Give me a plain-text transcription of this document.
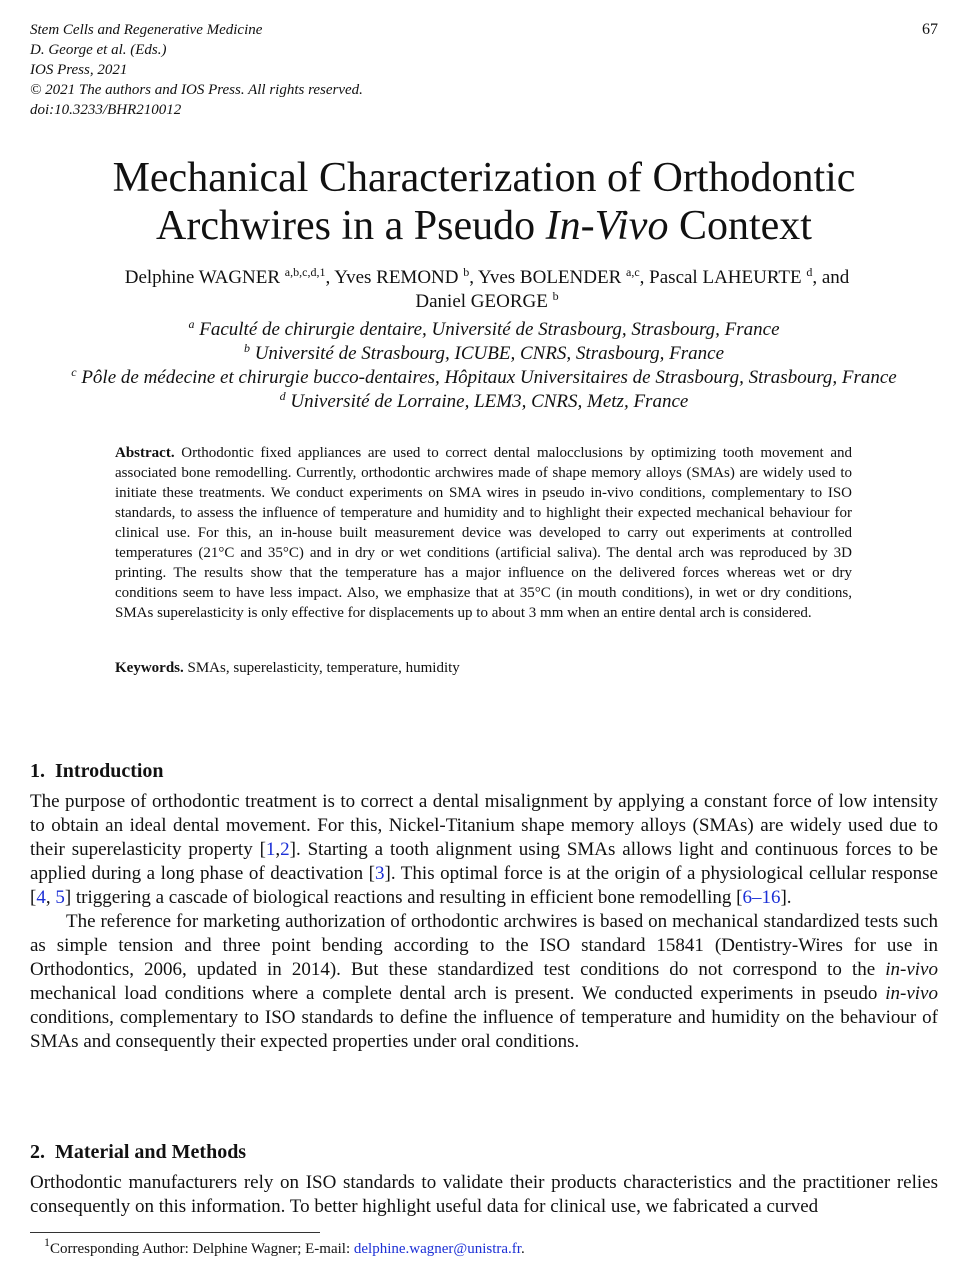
Stem Cells and Regenerative Medicine
D. George et al. (Eds.)
IOS Press, 2021
© 2021 The authors and IOS Press. All rights reserved.
doi:10.3233/BHR210012
67
Mechanical Characterization of Orthodontic
Archwires in a Pseudo In-Vivo Context
Delphine WAGNER $^{a,b,c,d,1}$, Yves REMOND $^b$, Yves BOLENDER $^{a,c}$, Pascal LAHEURTE $^d$, and
Daniel GEORGE $^b$
$^a$ Faculté de chirurgie dentaire, Université de Strasbourg, Strasbourg, France
$^b$ Université de Strasbourg, ICUBE, CNRS, Strasbourg, France
$^c$ Pôle de médecine et chirurgie bucco-dentaires, Hôpitaux Universitaires de Strasbourg, Strasbourg, France
$^d$ Université de Lorraine, LEM3, CNRS, Metz, France
Abstract. Orthodontic fixed appliances are used to correct dental malocclusions by optimizing tooth movement and associated bone remodelling. Currently, orthodontic archwires made of shape memory alloys (SMAs) are widely used to initiate these treatments. We conduct experiments on SMA wires in pseudo in-vivo conditions, complementary to ISO standards, to assess the influence of temperature and humidity and to highlight their expected mechanical behaviour for clinical use. For this, an in-house built measurement device was developed to carry out experiments at controlled temperatures (21°C and 35°C) and in dry or wet conditions (artificial saliva). The dental arch was reproduced by 3D printing. The results show that the temperature has a major influence on the delivered forces whereas wet or dry conditions seem to have less impact. Also, we emphasize that at 35°C (in mouth conditions), in wet or dry conditions, SMAs superelasticity is only effective for displacements up to about 3 mm when an entire dental arch is considered.
Keywords. SMAs, superelasticity, temperature, humidity
1. Introduction

The purpose of orthodontic treatment is to correct a dental misalignment by applying a constant force of low intensity to obtain an ideal dental movement. For this, Nickel-Titanium shape memory alloys (SMAs) are widely used due to their superelasticity property [1,2]. Starting a tooth alignment using SMAs allows light and continuous forces to be applied during a long phase of deactivation [3]. This optimal force is at the origin of a physiological cellular response [4, 5] triggering a cascade of biological reactions and resulting in efficient bone remodelling [6–16].

The reference for marketing authorization of orthodontic archwires is based on mechanical standardized tests such as simple tension and three point bending according to the ISO standard 15841 (Dentistry-Wires for use in Orthodontics, 2006, updated in 2014). But these standardized test conditions do not correspond to the in-vivo mechanical load conditions where a complete dental arch is present. We conducted experiments in pseudo in-vivo conditions, complementary to ISO standards to define the influence of temperature and humidity on the behaviour of SMAs and consequently their expected properties under oral conditions.

2. Material and Methods

Orthodontic manufacturers rely on ISO standards to validate their products characteristics and the practitioner relies consequently on this information. To better highlight useful data for clinical use, we fabricated a curved

$^1$Corresponding Author: Delphine Wagner; E-mail: delphine.wagner@unistra.fr.
